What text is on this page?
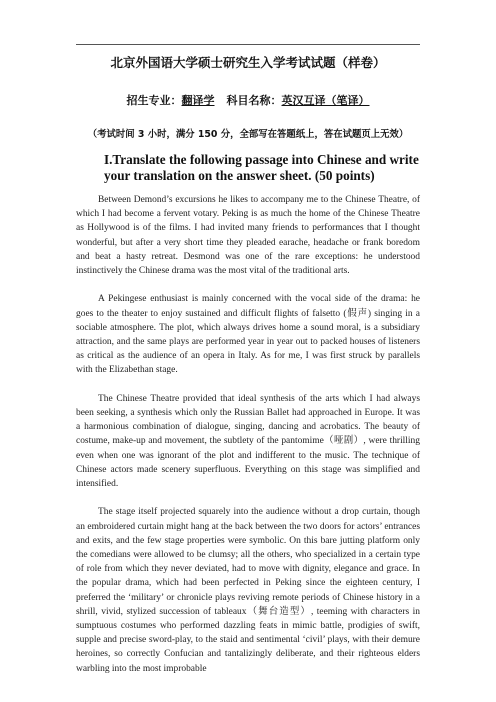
北京外国语大学硕士研究生入学考试试题（样卷）
招生专业：翻译学 科目名称：英汉互译（笔译）
（考试时间 3 小时，满分 150 分，全部写在答题纸上，答在试题页上无效）
I.Translate the following passage into Chinese and write your translation on the answer sheet. (50 points)

Between Demond’s excursions he likes to accompany me to the Chinese Theatre, of which I had become a fervent votary. Peking is as much the home of the Chinese Theatre as Hollywood is of the films. I had invited many friends to performances that I thought wonderful, but after a very short time they pleaded earache, headache or frank boredom and beat a hasty retreat. Desmond was one of the rare exceptions: he understood instinctively the Chinese drama was the most vital of the traditional arts.

A Pekingese enthusiast is mainly concerned with the vocal side of the drama: he goes to the theater to enjoy sustained and difficult flights of falsetto (假声) singing in a sociable atmosphere. The plot, which always drives home a sound moral, is a subsidiary attraction, and the same plays are performed year in year out to packed houses of listeners as critical as the audience of an opera in Italy. As for me, I was first struck by parallels with the Elizabethan stage.

The Chinese Theatre provided that ideal synthesis of the arts which I had always been seeking, a synthesis which only the Russian Ballet had approached in Europe. It was a harmonious combination of dialogue, singing, dancing and acrobatics. The beauty of costume, make-up and movement, the subtlety of the pantomime（哑剧）, were thrilling even when one was ignorant of the plot and indifferent to the music. The technique of Chinese actors made scenery superfluous. Everything on this stage was simplified and intensified.

The stage itself projected squarely into the audience without a drop curtain, though an embroidered curtain might hang at the back between the two doors for actors’ entrances and exits, and the few stage properties were symbolic. On this bare jutting platform only the comedians were allowed to be clumsy; all the others, who specialized in a certain type of role from which they never deviated, had to move with dignity, elegance and grace. In the popular drama, which had been perfected in Peking since the eighteen century, I preferred the ‘military’ or chronicle plays reviving remote periods of Chinese history in a shrill, vivid, stylized succession of tableaux（舞台造型）, teeming with characters in sumptuous costumes who performed dazzling feats in mimic battle, prodigies of swift, supple and precise sword-play, to the staid and sentimental ‘civil’ plays, with their demure heroines, so correctly Confucian and tantalizingly deliberate, and their righteous elders warbling into the most improbable
